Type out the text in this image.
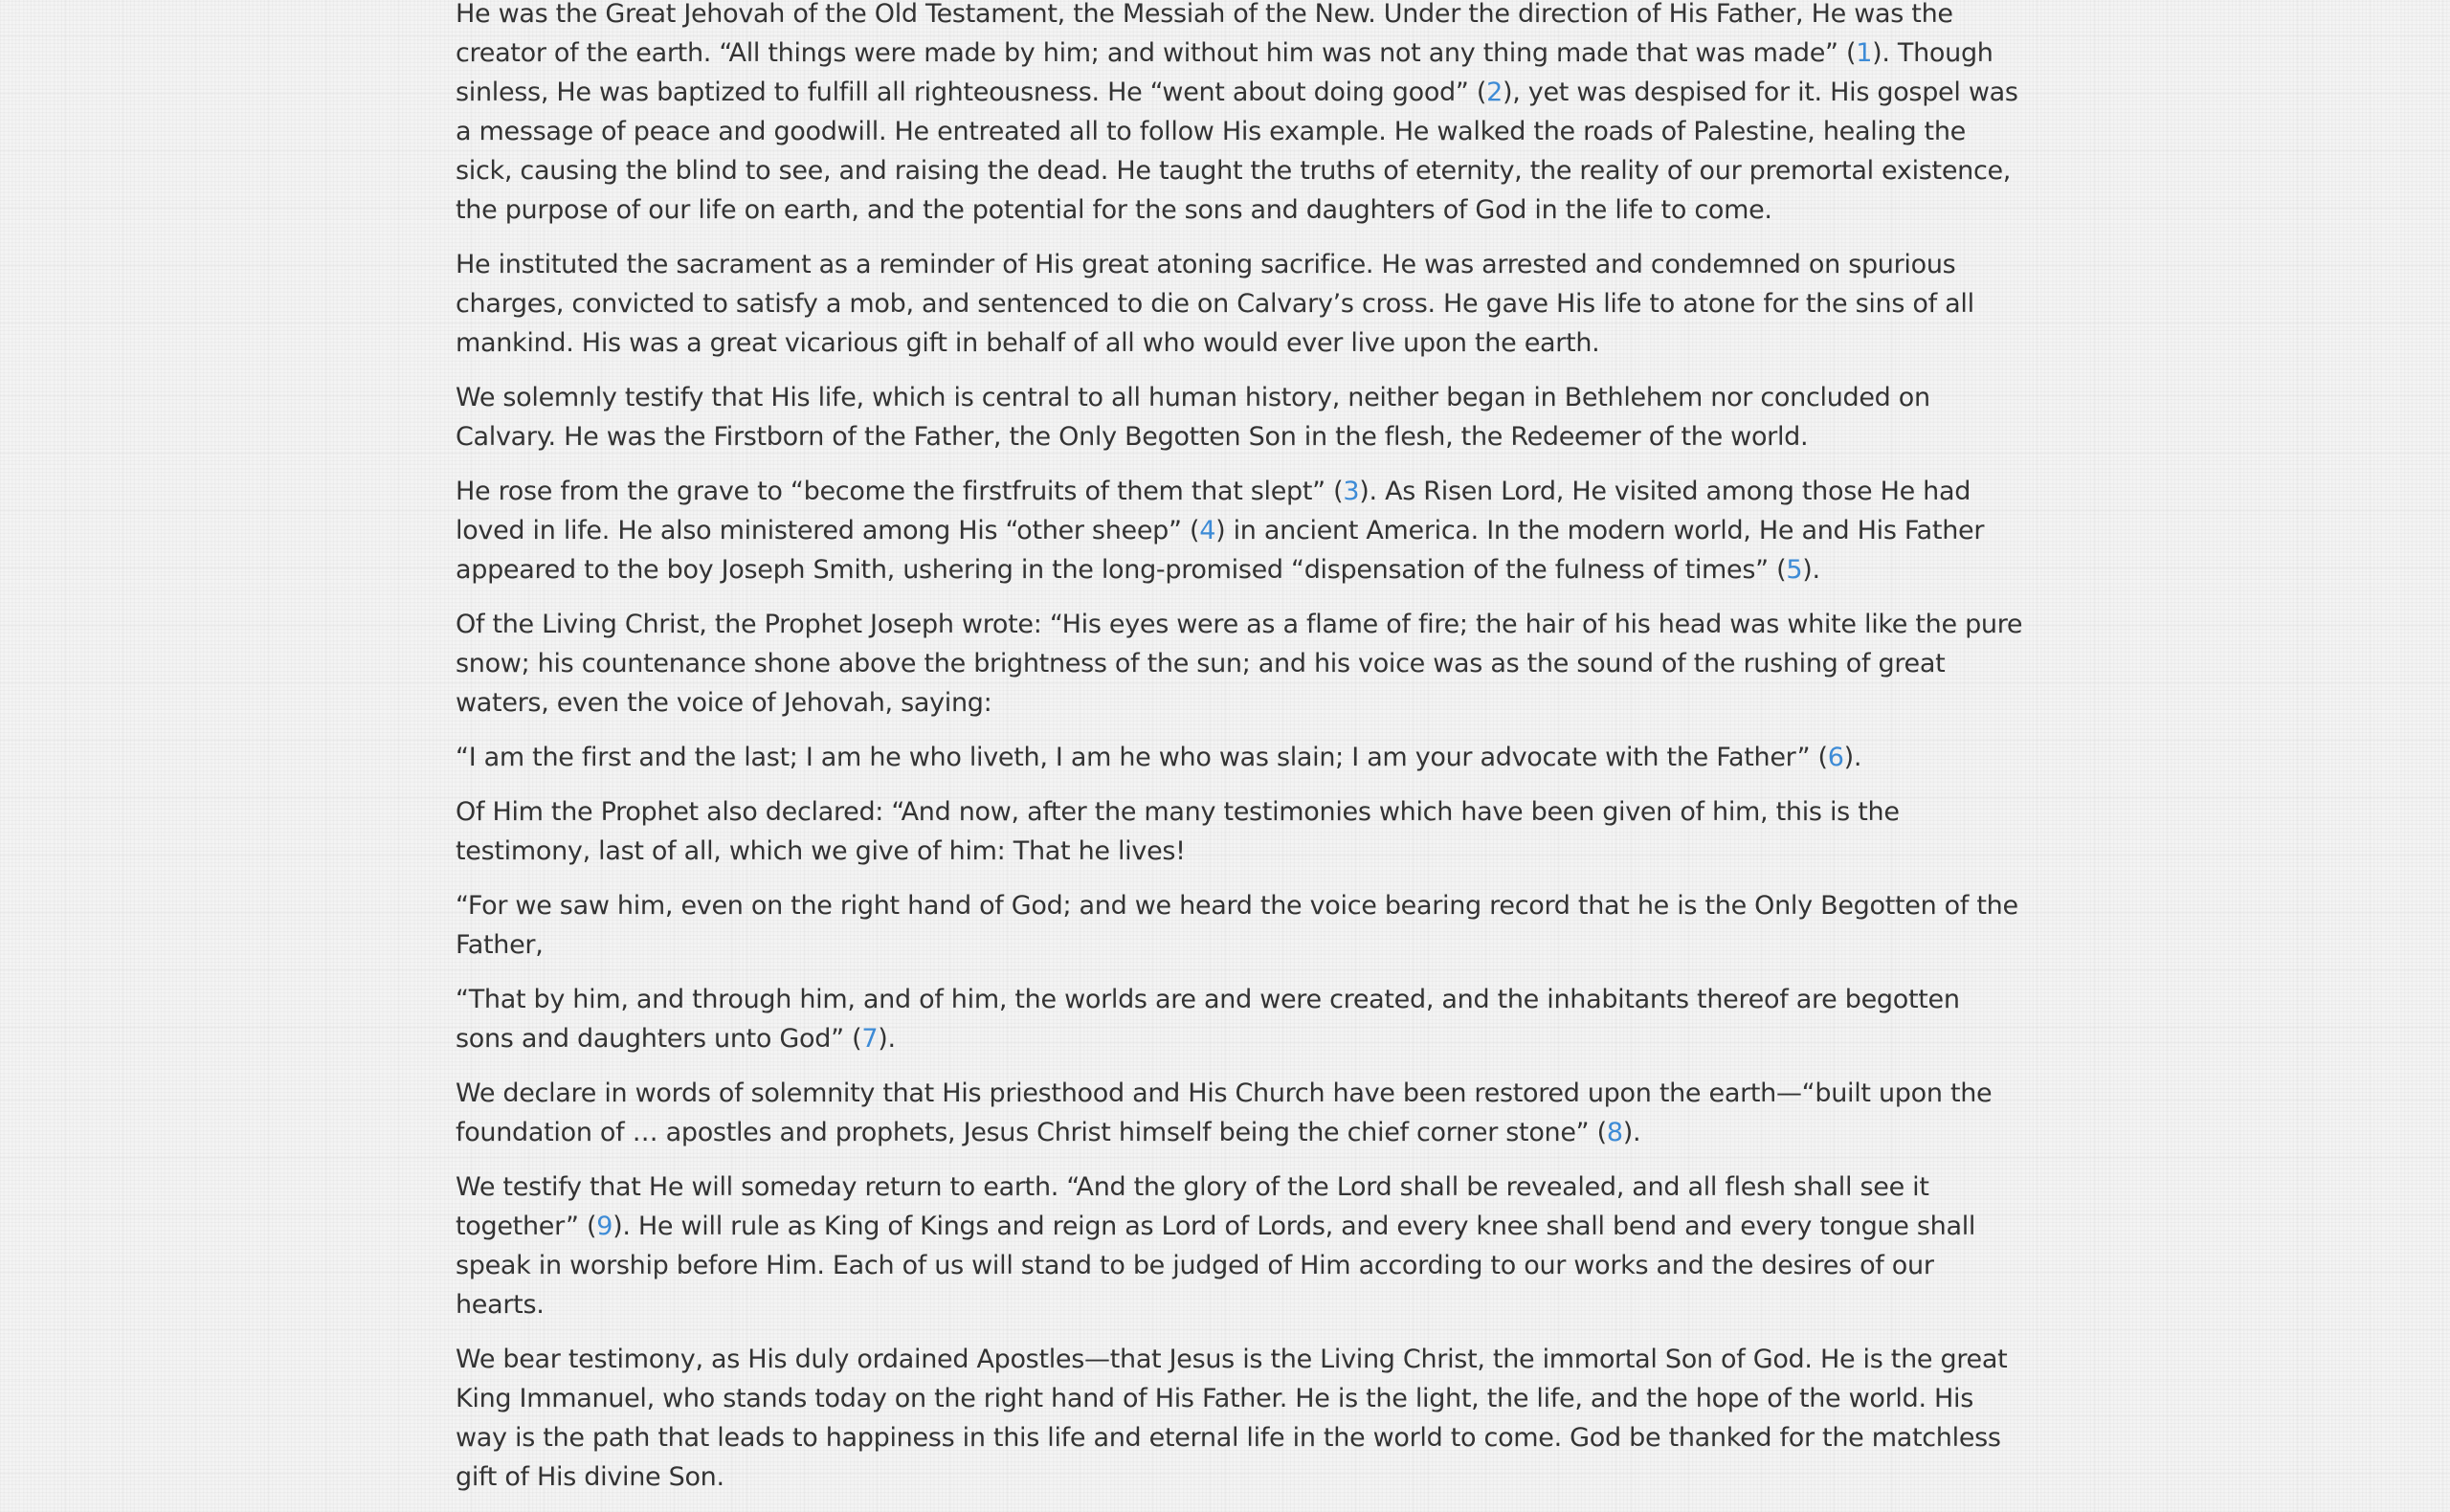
He was the Great Jehovah of the Old Testament, the Messiah of the New. Under the direction of His Father, He was the creator of the earth. “All things were made by him; and without him was not any thing made that was made” (1). Though sinless, He was baptized to fulfill all righteousness. He “went about doing good” (2), yet was despised for it. His gospel was a message of peace and goodwill. He entreated all to follow His example. He walked the roads of Palestine, healing the sick, causing the blind to see, and raising the dead. He taught the truths of eternity, the reality of our premortal existence, the purpose of our life on earth, and the potential for the sons and daughters of God in the life to come.

He instituted the sacrament as a reminder of His great atoning sacrifice. He was arrested and condemned on spurious charges, convicted to satisfy a mob, and sentenced to die on Calvary’s cross. He gave His life to atone for the sins of all mankind. His was a great vicarious gift in behalf of all who would ever live upon the earth.

We solemnly testify that His life, which is central to all human history, neither began in Bethlehem nor concluded on Calvary. He was the Firstborn of the Father, the Only Begotten Son in the flesh, the Redeemer of the world.

He rose from the grave to “become the firstfruits of them that slept” (3). As Risen Lord, He visited among those He had loved in life. He also ministered among His “other sheep” (4) in ancient America. In the modern world, He and His Father appeared to the boy Joseph Smith, ushering in the long-promised “dispensation of the fulness of times” (5).

Of the Living Christ, the Prophet Joseph wrote: “His eyes were as a flame of fire; the hair of his head was white like the pure snow; his countenance shone above the brightness of the sun; and his voice was as the sound of the rushing of great waters, even the voice of Jehovah, saying:

“I am the first and the last; I am he who liveth, I am he who was slain; I am your advocate with the Father” (6).

Of Him the Prophet also declared: “And now, after the many testimonies which have been given of him, this is the testimony, last of all, which we give of him: That he lives!

“For we saw him, even on the right hand of God; and we heard the voice bearing record that he is the Only Begotten of the Father,

“That by him, and through him, and of him, the worlds are and were created, and the inhabitants thereof are begotten sons and daughters unto God” (7).

We declare in words of solemnity that His priesthood and His Church have been restored upon the earth—“built upon the foundation of … apostles and prophets, Jesus Christ himself being the chief corner stone” (8).

We testify that He will someday return to earth. “And the glory of the Lord shall be revealed, and all flesh shall see it together” (9). He will rule as King of Kings and reign as Lord of Lords, and every knee shall bend and every tongue shall speak in worship before Him. Each of us will stand to be judged of Him according to our works and the desires of our hearts.

We bear testimony, as His duly ordained Apostles—that Jesus is the Living Christ, the immortal Son of God. He is the great King Immanuel, who stands today on the right hand of His Father. He is the light, the life, and the hope of the world. His way is the path that leads to happiness in this life and eternal life in the world to come. God be thanked for the matchless gift of His divine Son.
